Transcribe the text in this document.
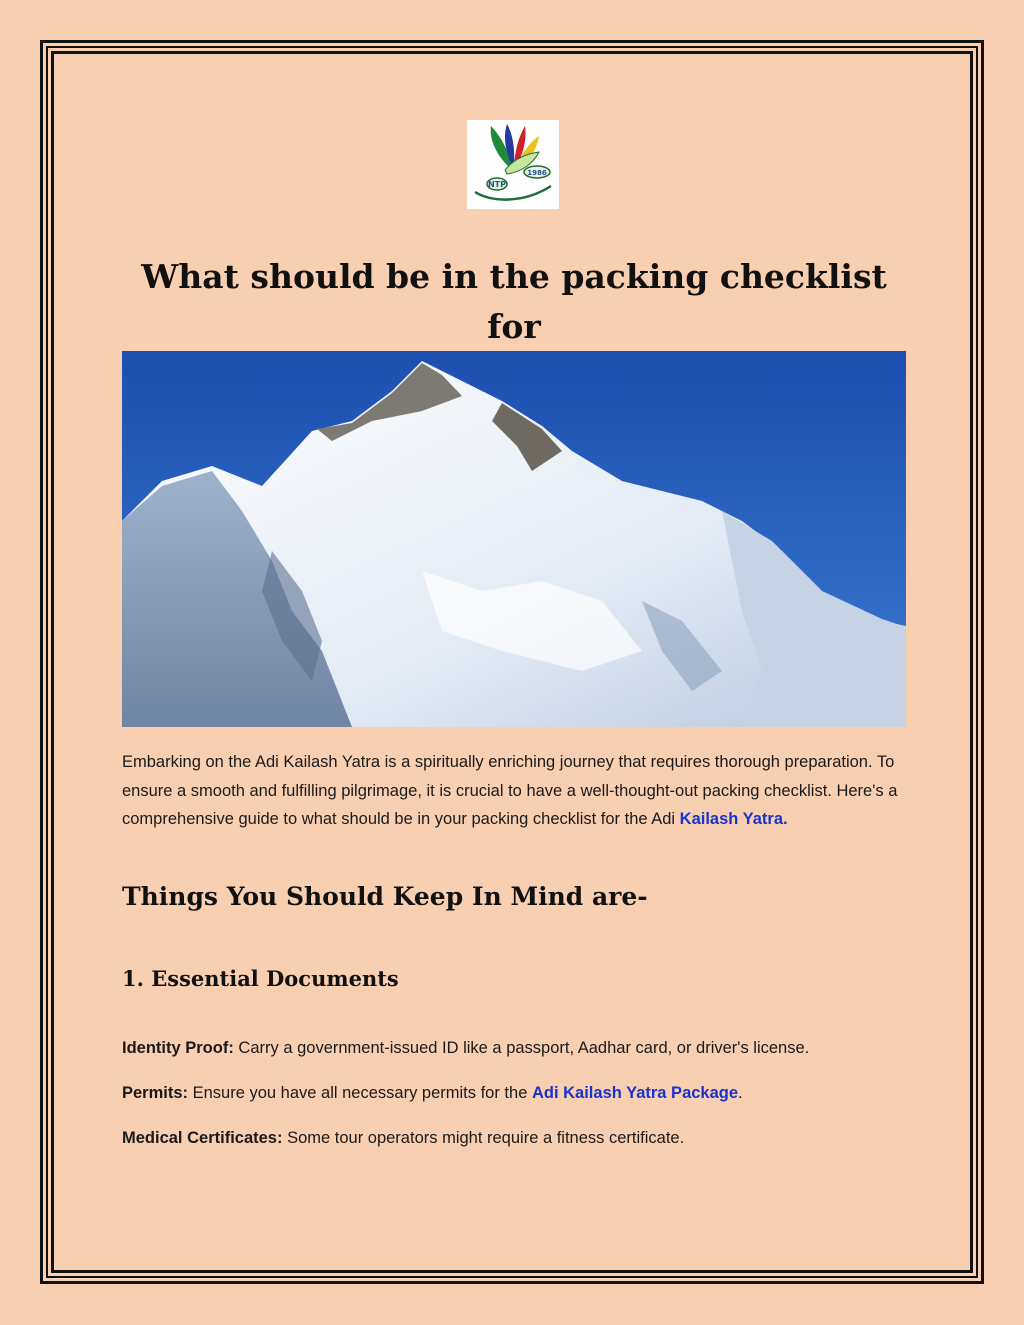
NTP
1986
What should be in the packing checklist for

Embarking on the Adi Kailash Yatra is a spiritually enriching journey that requires thorough preparation. To ensure a smooth and fulfilling pilgrimage, it is crucial to have a well-thought-out packing checklist. Here's a comprehensive guide to what should be in your packing checklist for the Adi Kailash Yatra.

Things You Should Keep In Mind are-
1. Essential Documents

Identity Proof: Carry a government-issued ID like a passport, Aadhar card, or driver's license.

Permits: Ensure you have all necessary permits for the Adi Kailash Yatra Package.

Medical Certificates: Some tour operators might require a fitness certificate.
